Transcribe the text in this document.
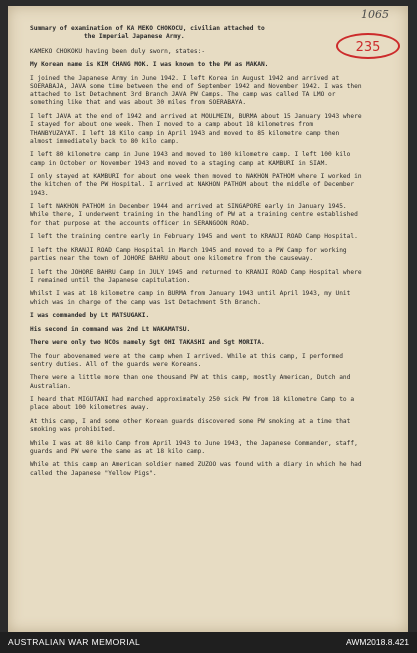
1065
235
Summary of examination of KA MEKO CHOKOCU, civilian attached to
the Imperial Japanese Army.

KAMEKO CHOKOKU having been duly sworn, states:-

My Korean name is KIM CHANG MOK. I was known to the PW as MAKAN.

I joined the Japanese Army in June 1942. I left Korea in August 1942 and arrived at SOERABAJA, JAVA some time between the end of September 1942 and November 1942. I was then attached to 1st Detachment 3rd Branch JAVA PW Camps. The camp was called TA LMO or something like that and was about 30 miles from SOERABAYA.

I left JAVA at the end of 1942 and arrived at MOULMEIN, BURMA about 15 January 1943 where I stayed for about one week. Then I moved to a camp about 18 kilometres from THANBYUZAYAT. I left 18 Kilo camp in April 1943 and moved to 85 kilometre camp then almost immediately back to 80 kilo camp.

I left 80 kilometre camp in June 1943 and moved to 100 kilometre camp. I left 100 kilo camp in October or November 1943 and moved to a staging camp at KAMBURI in SIAM.

I only stayed at KAMBURI for about one week then moved to NAKHON PATHOM where I worked in the kitchen of the PW Hospital. I arrived at NAKHON PATHOM about the middle of December 1943.

I left NAKHON PATHOM in December 1944 and arrived at SINGAPORE early in January 1945. While there, I underwent training in the handling of PW at a training centre established for that purpose at the accounts officer in SERANGOON ROAD.

I left the training centre early in February 1945 and went to KRANJI ROAD Camp Hospital.

I left the KRANJI ROAD Camp Hospital in March 1945 and moved to a PW Camp for working parties near the town of JOHORE BAHRU about one kilometre from the causeway.

I left the JOHORE BAHRU Camp in JULY 1945 and returned to KRANJI ROAD Camp Hospital where I remained until the Japanese capitulation.

Whilst I was at 18 kilometre camp in BURMA from January 1943 until April 1943, my Unit which was in charge of the camp was 1st Detachment 5th Branch.

I was commanded by Lt MATSUGAKI.

His second in command was 2nd Lt WAKAMATSU.

There were only two NCOs namely Sgt OHI TAKASHI and Sgt MORITA.

The four abovenamed were at the camp when I arrived. While at this camp, I performed sentry duties. All of the guards were Koreans.

There were a little more than one thousand PW at this camp, mostly American, Dutch and Australian.

I heard that MIGUTANI had marched approximately 250 sick PW from 18 kilometre Camp to a place about 100 kilometres away.

At this camp, I and some other Korean guards discovered some PW smoking at a time that smoking was prohibited.

While I was at 80 kilo Camp from April 1943 to June 1943, the Japanese Commander, staff, guards and PW were the same as at 18 kilo camp.

While at this camp an American soldier named ZUZOO was found with a diary in which he had called the Japanese "Yellow Pigs".

AUSTRALIAN WAR MEMORIAL	AWM2018.8.421
